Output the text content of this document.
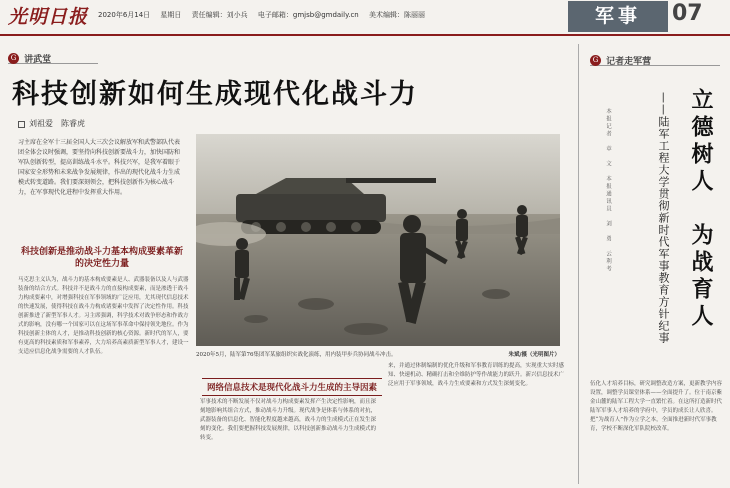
光明日报 2020年6月14日 星期日 责任编辑：刘小兵 电子邮箱：gmjsb@gmdaily.cn 美术编辑：陈丽丽	军事	07
G 讲武堂
科技创新如何生成现代化战斗力
刘祖爱　陈睿虎
习主席在全军十三届全国人大三次会议解放军和武警部队代表团全体会议时强调，要坚持向科技创新要战斗力，加快国防和军队创新转型，提高训练战斗水平。科技兴军，是我军着眼于国家安全形势和未来战争发展规律，作出的现代化战斗力生成模式转变道路。我们要深刻领会，把科技创新作为核心战斗力，在军事现代化进程中发挥重大作用。
科技创新是推动战斗力基本构成要素革新的决定性力量
马克思主义认为，战斗力的基本构成要素是人、武器装备以及人与武器装备的结合方式。科技并不是战斗力的直接构成要素，而是渗透于战斗力构成要素中，对增强科技在军事领域的广泛应用，尤其现代信息技术的快速发展，使得科技在战斗力构成诸要素中发挥了决定性作用。科技创新推进了新型军事人才。习主席强调，科学技术对战争形态和作战方式的影响，没有哪一个国家可以在这场军事革命中保持领先地位。作为科技创新主体的人才，是推动科技创新的核心资源。新时代的军人，要有更高的科技素质和军事素养，大力培养高素质新型军事人才，建设一支适应信息化战争需要的人才队伍。	2020年5月，陆军第76集团军某旅组织实战化演练，用内装甲步兵协同战斗冲击。	朱斌/摄（光明图片）
网络信息技术是现代化战斗力生成的主导因素
军事技术的不断发展不仅对战斗力构成要素发挥产生决定性影响，而且深刻地影响其组合方式，推动战斗力升级。现代战争是体系与体系的对抗，武器装备的信息化、智能化程度越来越高，战斗力的生成模式正在发生深刻的变化。我们要把握科技发展规律，以科技创新推动战斗力生成模式的转变。
来，并通过体制编制的优化升级和军事教育训练的提高，实现重大实时感知、快速机动、精确打击和全维防护等作战能力的跃升。新兴信息技术广泛应用于军事领域，战斗力生成要素和方式发生深刻变化。
G 记者走军营
立德树人　为战育人
——陆军工程大学贯彻新时代军事教育方针纪事
本报记者　章　文　本报通讯员　刘　勇　云利考
伍化人才培养目标，研究调整改造方案，更新教学内容设置，调整学员课堂体系——全面提升了。位于南京紫金山麓的陆军工程大学一直繁忙着。在这所打造新时代陆军军事人才培养的学府中，学员的成长让人欣喜。把“为战育人”作为立学之本，全面推进新时代军事教育，学校不断深化军队院校改革。
